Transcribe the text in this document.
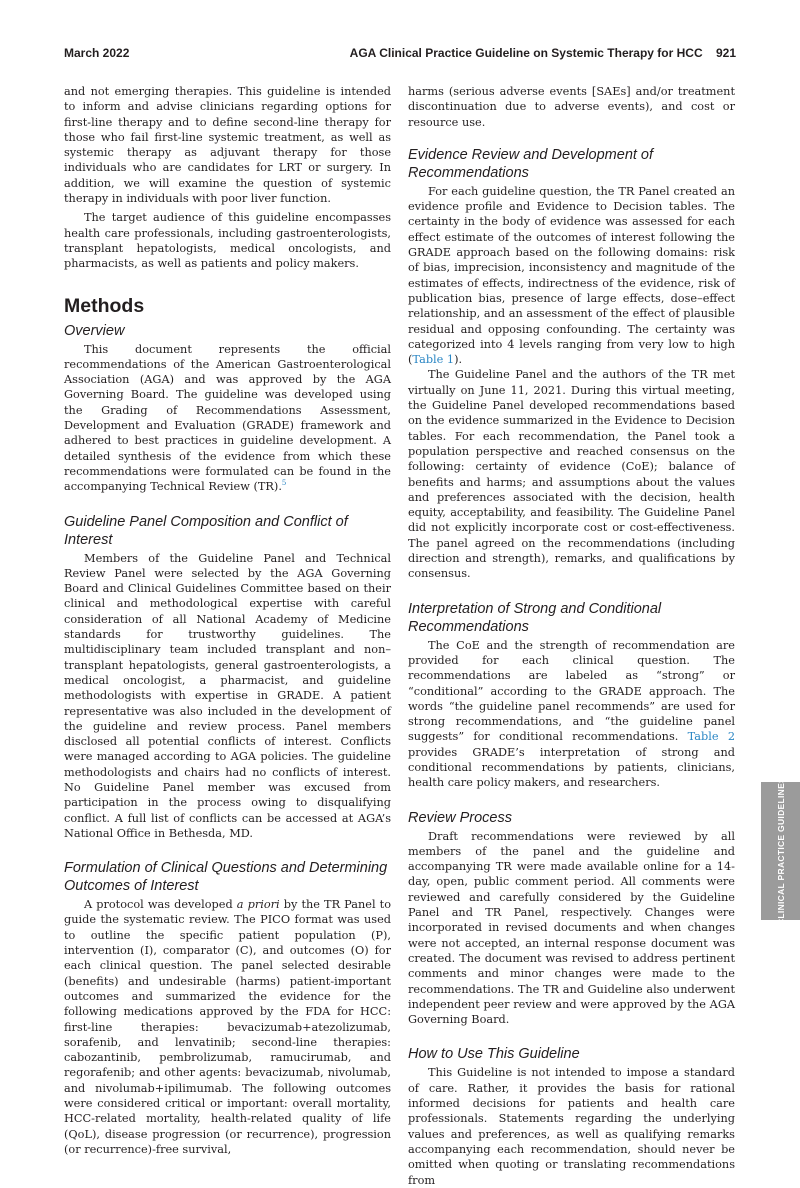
March 2022	AGA Clinical Practice Guideline on Systemic Therapy for HCC    921

and not emerging therapies. This guideline is intended to inform and advise clinicians regarding options for first-line therapy and to define second-line therapy for those who fail first-line systemic treatment, as well as systemic therapy as adjuvant therapy for those individuals who are candidates for LRT or surgery. In addition, we will examine the question of systemic therapy in individuals with poor liver function.

The target audience of this guideline encompasses health care professionals, including gastroenterologists, transplant hepatologists, medical oncologists, and pharmacists, as well as patients and policy makers.

Methods
Overview

This document represents the official recommendations of the American Gastroenterological Association (AGA) and was approved by the AGA Governing Board. The guideline was developed using the Grading of Recommendations Assessment, Development and Evaluation (GRADE) framework and adhered to best practices in guideline development. A detailed synthesis of the evidence from which these recommendations were formulated can be found in the accompanying Technical Review (TR).$^5$

Guideline Panel Composition and Conflict of Interest

Members of the Guideline Panel and Technical Review Panel were selected by the AGA Governing Board and Clinical Guidelines Committee based on their clinical and methodological expertise with careful consideration of all National Academy of Medicine standards for trustworthy guidelines. The multidisciplinary team included transplant and non–transplant hepatologists, general gastroenterologists, a medical oncologist, a pharmacist, and guideline methodologists with expertise in GRADE. A patient representative was also included in the development of the guideline and review process. Panel members disclosed all potential conflicts of interest. Conflicts were managed according to AGA policies. The guideline methodologists and chairs had no conflicts of interest. No Guideline Panel member was excused from participation in the process owing to disqualifying conflict. A full list of conflicts can be accessed at AGA’s National Office in Bethesda, MD.

Formulation of Clinical Questions and Determining Outcomes of Interest

A protocol was developed a priori by the TR Panel to guide the systematic review. The PICO format was used to outline the specific patient population (P), intervention (I), comparator (C), and outcomes (O) for each clinical question. The panel selected desirable (benefits) and undesirable (harms) patient-important outcomes and summarized the evidence for the following medications approved by the FDA for HCC: first-line therapies: bevacizumab+atezolizumab, sorafenib, and lenvatinib; second-line therapies: cabozantinib, pembrolizumab, ramucirumab, and regorafenib; and other agents: bevacizumab, nivolumab, and nivolumab+ipilimumab. The following outcomes were considered critical or important: overall mortality, HCC-related mortality, health-related quality of life (QoL), disease progression (or recurrence), progression (or recurrence)-free survival,

harms (serious adverse events [SAEs] and/or treatment discontinuation due to adverse events), and cost or resource use.

Evidence Review and Development of Recommendations

For each guideline question, the TR Panel created an evidence profile and Evidence to Decision tables. The certainty in the body of evidence was assessed for each effect estimate of the outcomes of interest following the GRADE approach based on the following domains: risk of bias, imprecision, inconsistency and magnitude of the estimates of effects, indirectness of the evidence, risk of publication bias, presence of large effects, dose–effect relationship, and an assessment of the effect of plausible residual and opposing confounding. The certainty was categorized into 4 levels ranging from very low to high (Table 1).

The Guideline Panel and the authors of the TR met virtually on June 11, 2021. During this virtual meeting, the Guideline Panel developed recommendations based on the evidence summarized in the Evidence to Decision tables. For each recommendation, the Panel took a population perspective and reached consensus on the following: certainty of evidence (CoE); balance of benefits and harms; and assumptions about the values and preferences associated with the decision, health equity, acceptability, and feasibility. The Guideline Panel did not explicitly incorporate cost or cost-effectiveness. The panel agreed on the recommendations (including direction and strength), remarks, and qualifications by consensus.

Interpretation of Strong and Conditional Recommendations

The CoE and the strength of recommendation are provided for each clinical question. The recommendations are labeled as “strong” or “conditional” according to the GRADE approach. The words “the guideline panel recommends” are used for strong recommendations, and “the guideline panel suggests” for conditional recommendations. Table 2 provides GRADE’s interpretation of strong and conditional recommendations by patients, clinicians, health care policy makers, and researchers.

Review Process

Draft recommendations were reviewed by all members of the panel and the guideline and accompanying TR were made available online for a 14-day, open, public comment period. All comments were reviewed and carefully considered by the Guideline Panel and TR Panel, respectively. Changes were incorporated in revised documents and when changes were not accepted, an internal response document was created. The document was revised to address pertinent comments and minor changes were made to the recommendations. The TR and Guideline also underwent independent peer review and were approved by the AGA Governing Board.

How to Use This Guideline

This Guideline is not intended to impose a standard of care. Rather, it provides the basis for rational informed decisions for patients and health care professionals. Statements regarding the underlying values and preferences, as well as qualifying remarks accompanying each recommendation, should never be omitted when quoting or translating recommendations from

CLINICAL PRACTICE GUIDELINES
